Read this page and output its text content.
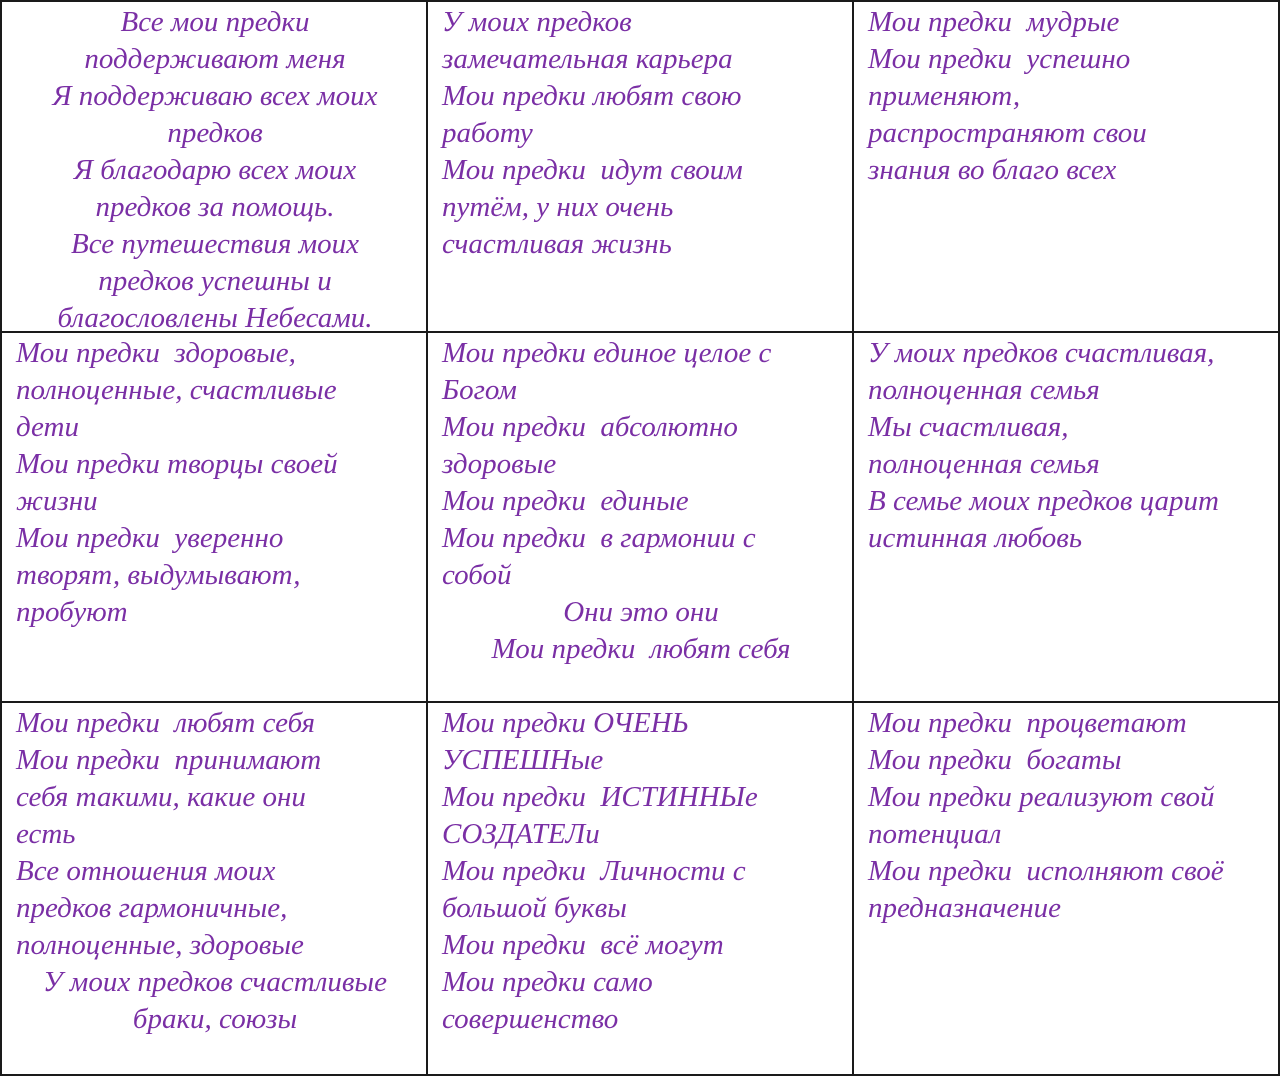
Все мои предки
поддерживают меня
Я поддерживаю всех моих
предков
Я благодарю всех моих
предков за помощь.
Все путешествия моих
предков успешны и
благословлены Небесами.
У моих предков
замечательная карьера
Мои предки любят свою
работу
Мои предки  идут своим
путём, у них очень
счастливая жизнь
Мои предки  мудрые
Мои предки  успешно
применяют,
распространяют свои
знания во благо всех
Мои предки  здоровые,
полноценные, счастливые
дети
Мои предки творцы своей
жизни
Мои предки  уверенно
творят, выдумывают,
пробуют
Мои предки единое целое с
Богом
Мои предки  абсолютно
здоровые
Мои предки  единые
Мои предки  в гармонии с
собой
Они это они
Мои предки  любят себя
У моих предков счастливая,
полноценная семья
Мы счастливая,
полноценная семья
В семье моих предков царит
истинная любовь
Мои предки  любят себя
Мои предки  принимают
себя такими, какие они
есть
Все отношения моих
предков гармоничные,
полноценные, здоровые
У моих предков счастливые
браки, союзы
Мои предки ОЧЕНЬ
УСПЕШНые
Мои предки  ИСТИННЫе
СОЗДАТЕЛи
Мои предки  Личности с
большой буквы
Мои предки  всё могут
Мои предки само
совершенство
Мои предки  процветают
Мои предки  богаты
Мои предки реализуют свой
потенциал
Мои предки  исполняют своё
предназначение
